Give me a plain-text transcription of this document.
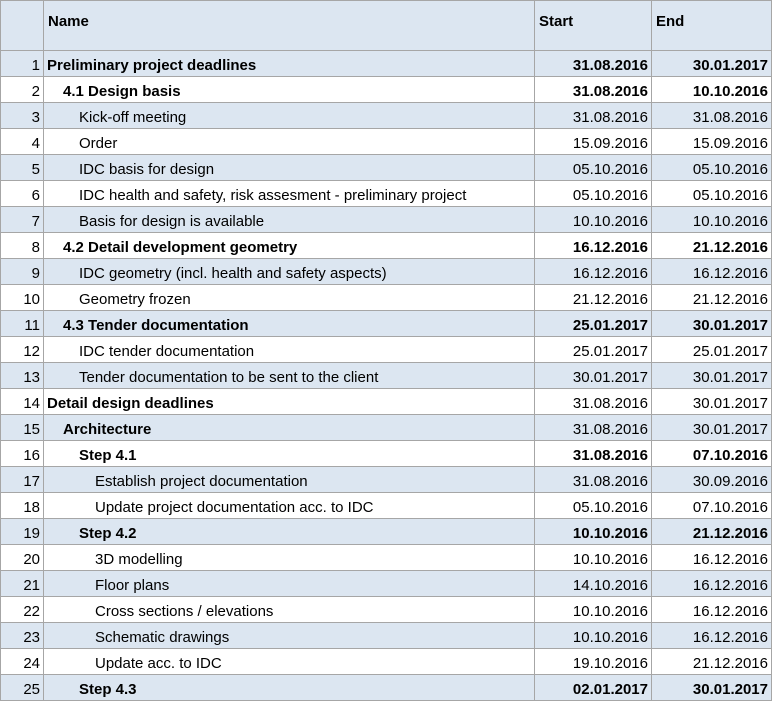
	Name	Start	End
1	Preliminary project deadlines	31.08.2016	30.01.2017
2	4.1 Design basis	31.08.2016	10.10.2016
3	Kick-off meeting	31.08.2016	31.08.2016
4	Order	15.09.2016	15.09.2016
5	IDC basis for design	05.10.2016	05.10.2016
6	IDC health and safety, risk assesment - preliminary project	05.10.2016	05.10.2016
7	Basis for design is available	10.10.2016	10.10.2016
8	4.2 Detail development geometry	16.12.2016	21.12.2016
9	IDC geometry (incl. health and safety aspects)	16.12.2016	16.12.2016
10	Geometry frozen	21.12.2016	21.12.2016
11	4.3 Tender documentation	25.01.2017	30.01.2017
12	IDC tender documentation	25.01.2017	25.01.2017
13	Tender documentation to be sent to the client	30.01.2017	30.01.2017
14	Detail design deadlines	31.08.2016	30.01.2017
15	Architecture	31.08.2016	30.01.2017
16	Step 4.1	31.08.2016	07.10.2016
17	Establish project documentation	31.08.2016	30.09.2016
18	Update project documentation acc. to IDC	05.10.2016	07.10.2016
19	Step 4.2	10.10.2016	21.12.2016
20	3D modelling	10.10.2016	16.12.2016
21	Floor plans	14.10.2016	16.12.2016
22	Cross sections / elevations	10.10.2016	16.12.2016
23	Schematic drawings	10.10.2016	16.12.2016
24	Update acc. to IDC	19.10.2016	21.12.2016
25	Step 4.3	02.01.2017	30.01.2017
